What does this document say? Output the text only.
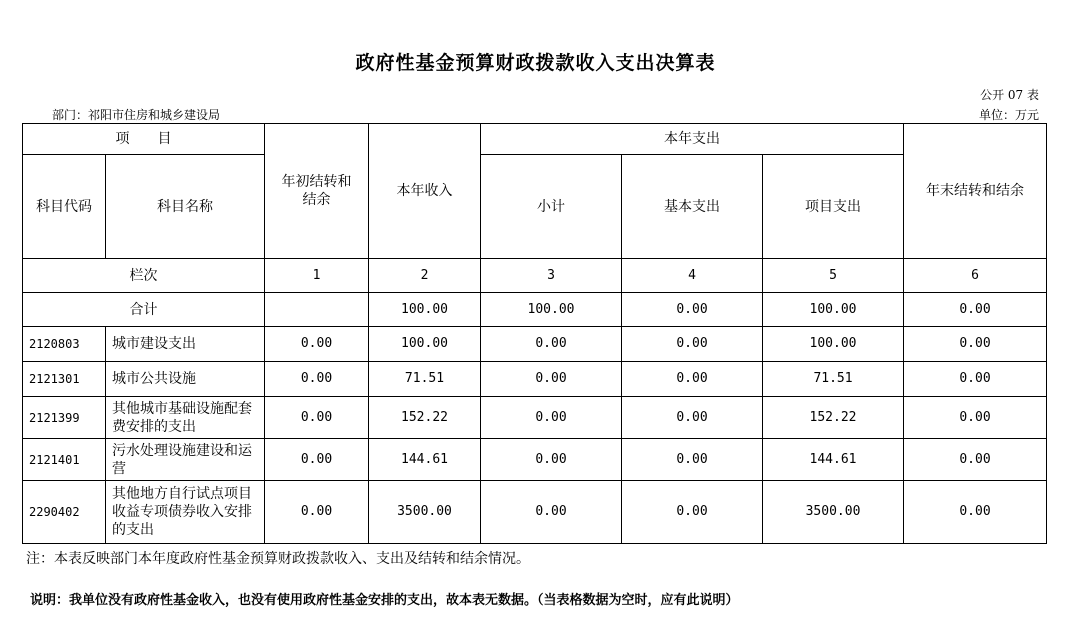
政府性基金预算财政拨款收入支出决算表
公开 07 表
单位：万元
部门：祁阳市住房和城乡建设局
项　　目		年初结转和结余	本年收入	本年支出			年末结转和结余
科目代码	科目名称			小计	基本支出	项目支出	
栏次		1	2	3	4	5	6
合计			100.00	100.00	0.00	100.00	0.00
2120803	城市建设支出	0.00	100.00	0.00	0.00	100.00	0.00
2121301	城市公共设施	0.00	71.51	0.00	0.00	71.51	0.00
2121399	其他城市基础设施配套费安排的支出	0.00	152.22	0.00	0.00	152.22	0.00
2121401	污水处理设施建设和运营	0.00	144.61	0.00	0.00	144.61	0.00
2290402	其他地方自行试点项目收益专项债券收入安排的支出	0.00	3500.00	0.00	0.00	3500.00	0.00
注：本表反映部门本年度政府性基金预算财政拨款收入、支出及结转和结余情况。
说明：我单位没有政府性基金收入，也没有使用政府性基金安排的支出，故本表无数据。（当表格数据为空时，应有此说明）
